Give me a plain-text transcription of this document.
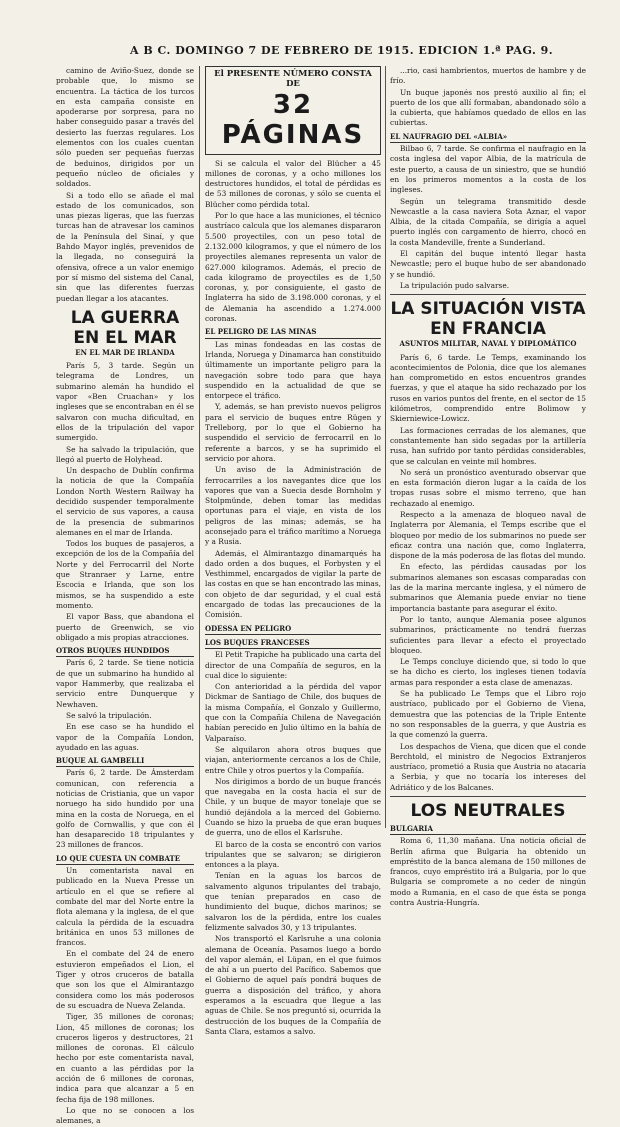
A B C. DOMINGO 7 DE FEBRERO DE 1915. EDICION 1.ª PAG. 9.

camino de Aviño-Suez, donde se probable que, lo mismo se encuentra. La táctica de los turcos en esta campaña consiste en apoderarse por sorpresa, para no haber conseguido pasar a través del desierto las fuerzas regulares. Los elementos con los cuales cuentan sólo pueden ser pequeñas fuerzas de beduinos, dirigidos por un pequeño núcleo de oficiales y soldados.

Si a todo ello se añade el mal estado de los comunicados, son unas piezas ligeras, que las fuerzas turcas han de atravesar los caminos de la Península del Sinaí, y que Bahdo Mayor inglés, prevenidos de la llegada, no conseguirá la ofensiva, ofrece a un valor enemigo por sí mismo del sistema del Canal, sin que las diferentes fuerzas puedan llegar a los atacantes.

LA GUERRA EN EL MAR
EN EL MAR DE IRLANDA

París 5, 3 tarde. Según un telegrama de Londres, un submarino alemán ha hundido el vapor «Ben Cruachan» y los ingleses que se encontraban en él se salvaron con mucha dificultad, en ellos de la tripulación del vapor sumergido.

Se ha salvado la tripulación, que llegó al puerto de Holyhead.

Un despacho de Dublín confirma la noticia de que la Compañía London North Western Railway ha decidido suspender temporalmente el servicio de sus vapores, a causa de la presencia de submarinos alemanes en el mar de Irlanda.

Todos los buques de pasajeros, a excepción de los de la Compañía del Norte y del Ferrocarril del Norte que Stranraer y Larne, entre Escocia e Irlanda, que son los mismos, se ha suspendido a este momento.

El vapor Bass, que abandona el puerto de Greenwich, se vio obligado a mis propias atracciones.

OTROS BUQUES HUNDIDOS

París 6, 2 tarde. Se tiene noticia de que un submarino ha hundido al vapor Hammerby, que realizaba el servicio entre Dunquerque y Newhaven.

Se salvó la tripulación.

En ese caso se ha hundido el vapor de la Compañía London, ayudado en las aguas.

BUQUE AL GAMBELLI

París 6, 2 tarde. De Ámsterdam comunican, con referencia a noticias de Cristiania, que un vapor noruego ha sido hundido por una mina en la costa de Noruega, en el golfo de Cornwallis, y que con él han desaparecido 18 tripulantes y 23 millones de francos.

LO QUE CUESTA UN COMBATE

Un comentarista naval en publicado en la Nueva Presse un artículo en el que se refiere al combate del mar del Norte entre la flota alemana y la inglesa, de el que calcula la pérdida de la escuadra británica en unos 53 millones de francos.

En el combate del 24 de enero estuvieron empeñados el Lion, el Tiger y otros cruceros de batalla que son los que el Almirantazgo considera como los más poderosos de su escuadra de Nueva Zelanda.

Tiger, 35 millones de coronas; Lion, 45 millones de coronas; los cruceros ligeros y destructores, 21 millones de coronas. El cálculo hecho por este comentarista naval, en cuanto a las pérdidas por la acción de 6 millones de coronas, indica para que alcanzar a 5 en fecha fija de 198 millones.

Lo que no se conocen a los alemanes, a

El PRESENTE NÚMERO CONSTA DE
32 PÁGINAS

Si se calcula el valor del Blücher a 45 millones de coronas, y a ocho millones los destructores hundidos, el total de pérdidas es de 53 millones de coronas, y sólo se cuenta el Blücher como pérdida total.

Por lo que hace a las municiones, el técnico austríaco calcula que los alemanes dispararon 5.500 proyectiles, con un peso total de 2.132.000 kilogramos, y que el número de los proyectiles alemanes representa un valor de 627.000 kilogramos. Además, el precio de cada kilogramo de proyectiles es de 1,50 coronas, y, por consiguiente, el gasto de Inglaterra ha sido de 3.198.000 coronas, y el de Alemania ha ascendido a 1.274.000 coronas.

EL PELIGRO DE LAS MINAS

Las minas fondeadas en las costas de Irlanda, Noruega y Dinamarca han constituido últimamente un importante peligro para la navegación sobre todo para que haya suspendido en la actualidad de que se entorpece el tráfico.

Y, además, se han previsto nuevos peligros para el servicio de buques entre Rügen y Trelleborg, por lo que el Gobierno ha suspendido el servicio de ferrocarril en lo referente a barcos, y se ha suprimido el servicio por ahora.

Un aviso de la Administración de ferrocarriles a los navegantes dice que los vapores que van a Suecia desde Bornholm y Stolpmünde, deben tomar las medidas oportunas para el viaje, en vista de los peligros de las minas; además, se ha aconsejado para el tráfico marítimo a Noruega y a Rusia.

Además, el Almirantazgo dinamarqués ha dado orden a dos buques, el Forbysten y el Vesthimmel, encargados de vigilar la parte de las costas en que se han encontrado las minas, con objeto de dar seguridad, y el cual está encargado de todas las precauciones de la Comisión.

ODESSA EN PELIGRO
LOS BUQUES FRANCESES

El Petit Trapiche ha publicado una carta del director de una Compañía de seguros, en la cual dice lo siguiente:

Con anterioridad a la pérdida del vapor Dickmar de Santiago de Chile, dos buques de la misma Compañía, el Gonzalo y Guillermo, que con la Compañía Chilena de Navegación habían perecido en Julio último en la bahía de Valparaíso.

Se alquilaron ahora otros buques que viajan, anteriormente cercanos a los de Chile, entre Chile y otros puertos y la Compañía.

Nos dirigimos a bordo de un buque francés que navegaba en la costa hacia el sur de Chile, y un buque de mayor tonelaje que se hundió dejándola a la merced del Gobierno. Cuando se hizo la prueba de que eran buques de guerra, uno de ellos el Karlsruhe.

El barco de la costa se encontró con varios tripulantes que se salvaron; se dirigieron entonces a la playa.

Tenían en la aguas los barcos de salvamento algunos tripulantes del trabajo, que tenían preparados en caso de hundimiento del buque, dichos marinos; se salvaron los de la pérdida, entre los cuales felizmente salvados 30, y 13 tripulantes.

Nos transportó el Karlsruhe a una colonia alemana de Oceanía. Pasamos luego a bordo del vapor alemán, el Lüpan, en el que fuimos de ahí a un puerto del Pacífico. Sabemos que el Gobierno de aquel país pondrá buques de guerra a disposición del tráfico, y ahora esperamos a la escuadra que llegue a las aguas de Chile. Se nos preguntó si, ocurrida la destrucción de los buques de la Compañía de Santa Clara, estamos a salvo.

...rio, casi hambrientos, muertos de hambre y de frío.

Un buque japonés nos prestó auxilio al fin; el puerto de los que allí formaban, abandonado sólo a la cubierta, que habíamos quedado de ellos en las cubiertas.

EL NAUFRAGIO DEL «ALBIA»

Bilbao 6, 7 tarde. Se confirma el naufragio en la costa inglesa del vapor Albia, de la matrícula de este puerto, a causa de un siniestro, que se hundió en los primeros momentos a la costa de los ingleses.

Según un telegrama transmitido desde Newcastle a la casa naviera Sota Aznar, el vapor Albia, de la citada Compañía, se dirigía a aquel puerto inglés con cargamento de hierro, chocó en la costa Mandeville, frente a Sunderland.

El capitán del buque intentó llegar hasta Newcastle; pero el buque hubo de ser abandonado y se hundió.

La tripulación pudo salvarse.

LA SITUACIÓN VISTA EN FRANCIA
ASUNTOS MILITAR, NAVAL Y DIPLOMÁTICO

París 6, 6 tarde. Le Temps, examinando los acontecimientos de Polonia, dice que los alemanes han comprometido en estos encuentros grandes fuerzas, y que el ataque ha sido rechazado por los rusos en varios puntos del frente, en el sector de 15 kilómetros, comprendido entre Bolimow y Skierniewice-Lowicz.

Las formaciones cerradas de los alemanes, que constantemente han sido segadas por la artillería rusa, han sufrido por tanto pérdidas considerables, que se calculan en veinte mil hombres.

No será un pronóstico aventurado observar que en esta formación dieron lugar a la caída de los tropas rusas sobre el mismo terreno, que han rechazado al enemigo.

Respecto a la amenaza de bloqueo naval de Inglaterra por Alemania, el Temps escribe que el bloqueo por medio de los submarinos no puede ser eficaz contra una nación que, como Inglaterra, dispone de la más poderosa de las flotas del mundo.

En efecto, las pérdidas causadas por los submarinos alemanes son escasas comparadas con las de la marina mercante inglesa, y el número de submarinos que Alemania puede enviar no tiene importancia bastante para asegurar el éxito.

Por lo tanto, aunque Alemania posee algunos submarinos, prácticamente no tendrá fuerzas suficientes para llevar a efecto el proyectado bloqueo.

Le Temps concluye diciendo que, si todo lo que se ha dicho es cierto, los ingleses tienen todavía armas para responder a esta clase de amenazas.

Se ha publicado Le Temps que el Libro rojo austríaco, publicado por el Gobierno de Viena, demuestra que las potencias de la Triple Entente no son responsables de la guerra, y que Austria es la que comenzó la guerra.

Los despachos de Viena, que dicen que el conde Berchtold, el ministro de Negocios Extranjeros austríaco, prometió a Rusia que Austria no atacaría a Serbia, y que no tocaría los intereses del Adriático y de los Balcanes.

LOS NEUTRALES
BULGARIA

Roma 6, 11,30 mañana. Una noticia oficial de Berlín afirma que Bulgaria ha obtenido un empréstito de la banca alemana de 150 millones de francos, cuyo empréstito irá a Bulgaria, por lo que Bulgaria se compromete a no ceder de ningún modo a Rumania, en el caso de que ésta se ponga contra Austria-Hungría.
